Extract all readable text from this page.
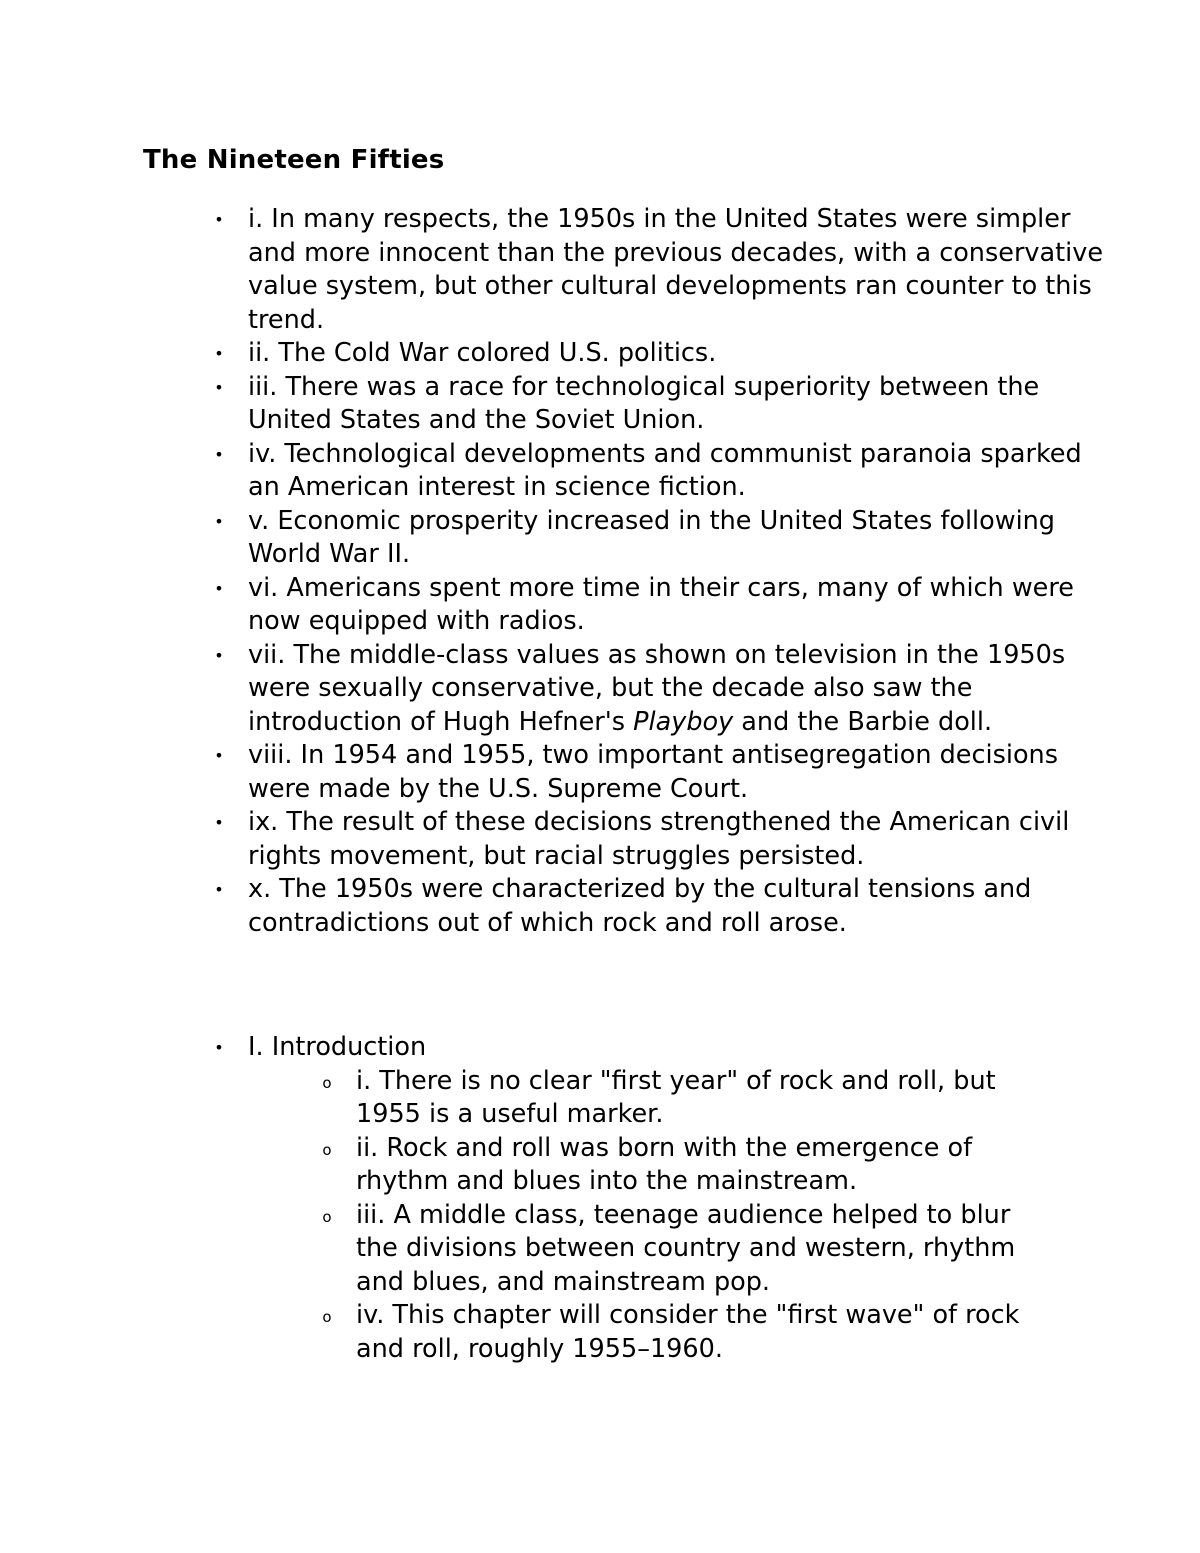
The Nineteen Fifties
• i. In many respects, the 1950s in the United States were simpler and more innocent than the previous decades, with a conservative value system, but other cultural developments ran counter to this trend.
• ii. The Cold War colored U.S. politics.
• iii. There was a race for technological superiority between the United States and the Soviet Union.
• iv. Technological developments and communist paranoia sparked an American interest in science fiction.
• v. Economic prosperity increased in the United States following World War II.
• vi. Americans spent more time in their cars, many of which were now equipped with radios.
• vii. The middle-class values as shown on television in the 1950s were sexually conservative, but the decade also saw the introduction of Hugh Hefner's Playboy and the Barbie doll.
• viii. In 1954 and 1955, two important antisegregation decisions were made by the U.S. Supreme Court.
• ix. The result of these decisions strengthened the American civil rights movement, but racial struggles persisted.
• x. The 1950s were characterized by the cultural tensions and contradictions out of which rock and roll arose.
• I. Introduction
o i. There is no clear "first year" of rock and roll, but 1955 is a useful marker.
o ii. Rock and roll was born with the emergence of rhythm and blues into the mainstream.
o iii. A middle class, teenage audience helped to blur the divisions between country and western, rhythm and blues, and mainstream pop.
o iv. This chapter will consider the "first wave" of rock and roll, roughly 1955–1960.
